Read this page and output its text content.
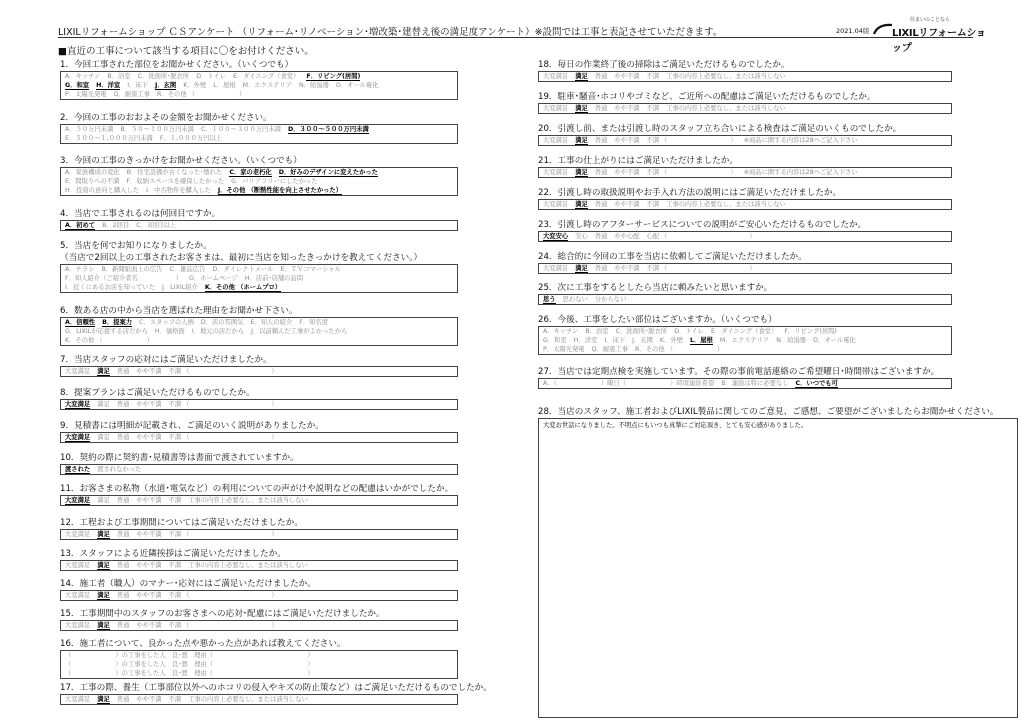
LIXILリフォームショップ ＣＳアンケート （リフォーム･リノベーション･増改築･建替え後の満足度アンケート）※設問では工事と表記させていただきます。	2021.04版
住まいのことなら
LIXILリフォームショップ
■直近の工事について該当する項目に〇をお付けください。
1．今回工事された部位をお聞かせください。（いくつでも）
A．キッチン B．浴室 C．洗面所･脱衣所 D．トイレ E．ダイニング（食堂） F．リビング(居間)
G．和室 H．洋室 I．床下 J．玄関 K．外壁 L．屋根 M．エクステリア N．給湯器 O．オール電化
P．太陽光発電 Q．耐震工事 R．その他 （　　　　　　　）
2．今回の工事のおおよその金額をお聞かせください。
A．５０万円未満 B．５０～１００万円未満 C．１００～３００万円未満 D．３００～５００万円未満
E．５００～１,０００万円未満 F．１,０００万円以上
3．今回の工事のきっかけをお聞かせください。（いくつでも）
A．家族構成の変化 B．住宅設備が古くなった･壊れた C．家の老朽化 D．好みのデザインに変えたかった
E．間取りへの不満 F．収納スペースを確保したかった G．バリアフリーにしたかった
H．投資の意向と購入した I．中古物件を購入した J．その他 （断熱性能を向上させたかった）
4．当店で工事されるのは何回目ですか。
A．初めて B．2回目 C．3回目以上
5．当店を何でお知りになりましたか。
（当店で2回以上の工事されたお客さまは、最初に当店を知ったきっかけを教えてください。）
A．チラシ B．新聞紙面上の広告 C．雑誌広告 D．ダイレクトメール E．ＴＶコマーシャル
F．知人紹介（ご紹介者名　　　　　　） G．ホームページ H．店前･店舗の訪問
I．近くにあるお店を知っていた J．LIXIL紹介 K．その他 （ホームプロ）
6．数ある店の中から当店を選ばれた理由をお聞かせ下さい。
A．信頼性 B．提案力 C．スタッフの人柄 D．店の雰囲気 E．知人の紹介 F．知名度
G．LIXILが応援する店だから H．価格面 I．地元の店だから J．以前頼んだ工事がよかったから
K．その他 （　　　　　　　）
7．当店スタッフの応対にはご満足いただけましたか。
大変満足 満足 普通 やや不満 不満 （　　　　　　　　　　　　　）
8．提案プランはご満足いただけるものでしたか。
大変満足 満足 普通 やや不満 不満 （　　　　　　　　　　　　　）
9．見積書には明細が記載され、ご満足のいく説明がありましたか。
大変満足 満足 普通 やや不満 不満 （　　　　　　　　　　　　　）
10．契約の際に契約書･見積書等は書面で渡されていますか。
渡された 渡されなかった
11．お客さまの私物（水道･電気など）の利用についての声がけや説明などの配慮はいかがでしたか。
大変満足 満足 普通 やや不満 不満 工事の内容上必要なし、または該当しない
12．工程および工事期間についてはご満足いただけましたか。
大変満足 満足 普通 やや不満 不満 （　　　　　　　　　　　　　）
13．スタッフによる近隣挨拶はご満足いただけましたか。
大変満足 満足 普通 やや不満 不満 工事の内容上必要なし、または該当しない
14．施工者（職人）のマナー･応対にはご満足いただけましたか。
大変満足 満足 普通 やや不満 不満 （　　　　　　　　　　　　　）
15．工事期間中のスタッフのお客さまへの応対･配慮にはご満足いただけましたか。
大変満足 満足 普通 やや不満 不満 （　　　　　　　　　　　　　）
16．施工者について、良かった点や悪かった点があれば教えてください。
（　　　　　　　）の工事をした人　良･悪　理由（　　　　　　　　　　　　　　　）
（　　　　　　　）の工事をした人　良･悪　理由（　　　　　　　　　　　　　　　）
（　　　　　　　）の工事をした人　良･悪　理由（　　　　　　　　　　　　　　　）
17．工事の際、養生（工事部位以外へのホコリの侵入やキズの防止策など）はご満足いただけるものでしたか。
大変満足 満足 普通 やや不満 不満 工事の内容上必要なし、または該当しない
18．毎日の作業終了後の掃除はご満足いただけるものでしたか。
大変満足 満足 普通 やや不満 不満 工事の内容上必要なし、または該当しない
19．駐車･騒音･ホコリやゴミなど、ご近所への配慮はご満足いただけるものでしたか。
大変満足 満足 普通 やや不満 不満 工事の内容上必要なし、または該当しない
20．引渡し前、または引渡し時のスタッフ立ち合いによる検査はご満足のいくものでしたか。
大変満足 満足 普通 やや不満 不満 （　　　　　　　　　　） ※商品に関する内容は28へご記入下さい
21．工事の仕上がりにはご満足いただけましたか。
大変満足 満足 普通 やや不満 不満 （　　　　　　　　　　） ※商品に関する内容は28へご記入下さい
22．引渡し時の取扱説明やお手入れ方法の説明にはご満足いただけましたか。
大変満足 満足 普通 やや不満 不満 工事の内容上必要なし、または該当しない
23．引渡し時のアフターサービスについての説明がご安心いただけるものでしたか。
大変安心 安心 普通 やや心配 心配 （　　　　　　　　　　　　　）
24．総合的に今回の工事を当店に依頼してご満足いただけましたか。
大変満足 満足 普通 やや不満 不満 （　　　　　　　　　　　　　）
25．次に工事をするとしたら当店に頼みたいと思いますか。
思う 思わない 分からない
26．今後、工事をしたい部位はございますか。（いくつでも）
A．キッチン B．浴室 C．洗面所･脱衣所 D．トイレ E．ダイニング（食堂） F．リビング(居間)
G．和室 H．洋室 I．床下 J．玄関 K．外壁 L．屋根 M．エクステリア N．給湯器 O．オール電化
P．太陽光発電 Q．耐震工事 R．その他 （　　　　　　　）
27．当店では定期点検を実施しています。その際の事前電話連絡のご希望曜日･時間帯はございますか。
A．（　　　　　　　）曜日（　　　　　　　）時頃連絡希望 B．連絡は特に必要なし C．いつでも可
28．当店のスタッフ、施工者およびLIXIL製品に関してのご意見、ご感想、ご要望がございましたらお聞かせください。
大変お世話になりました。不明点にもいつも真摯にご対応頂き、とても安心感がありました。
